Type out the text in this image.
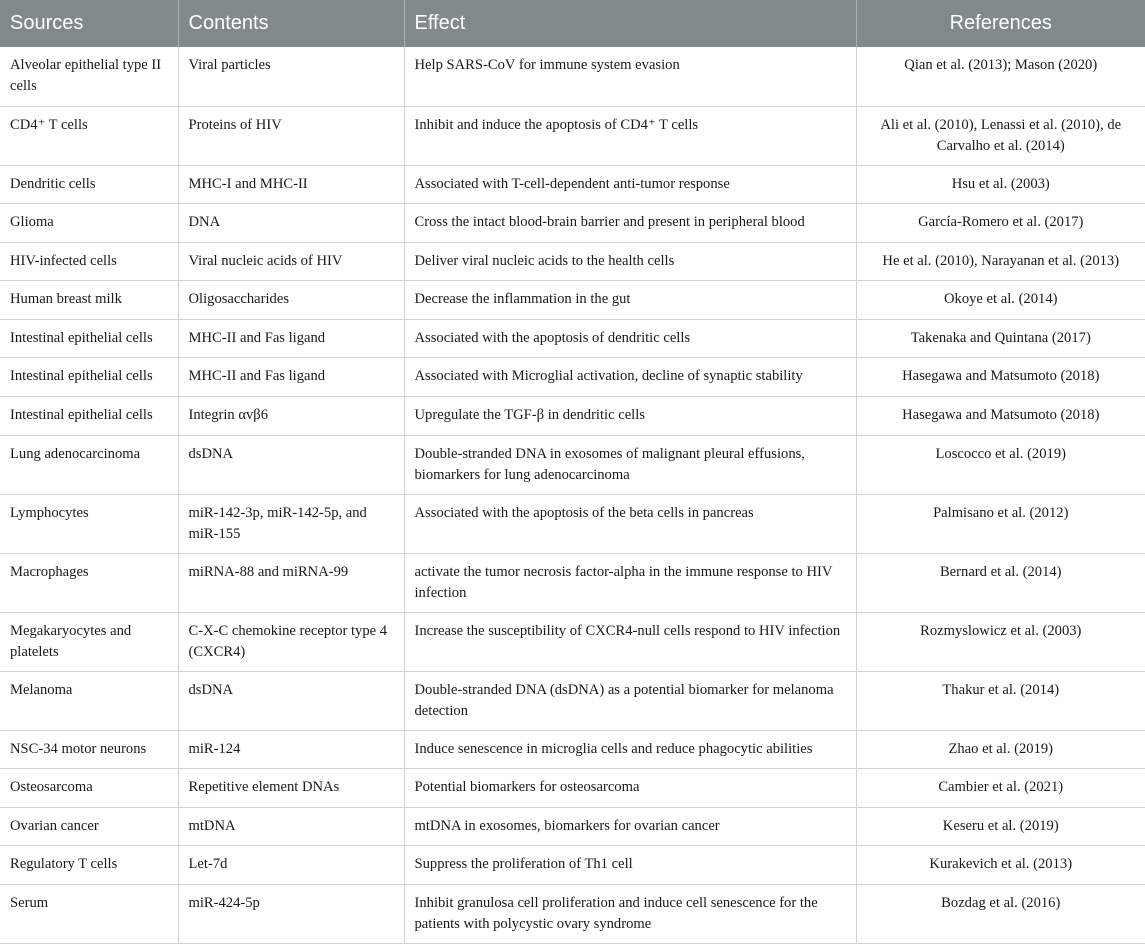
Sources	Contents	Effect	References
Alveolar epithelial type II cells	Viral particles	Help SARS-CoV for immune system evasion	Qian et al. (2013); Mason (2020)
CD4⁺ T cells	Proteins of HIV	Inhibit and induce the apoptosis of CD4⁺ T cells	Ali et al. (2010), Lenassi et al. (2010), de Carvalho et al. (2014)
Dendritic cells	MHC-I and MHC-II	Associated with T-cell-dependent anti-tumor response	Hsu et al. (2003)
Glioma	DNA	Cross the intact blood-brain barrier and present in peripheral blood	García-Romero et al. (2017)
HIV-infected cells	Viral nucleic acids of HIV	Deliver viral nucleic acids to the health cells	He et al. (2010), Narayanan et al. (2013)
Human breast milk	Oligosaccharides	Decrease the inflammation in the gut	Okoye et al. (2014)
Intestinal epithelial cells	MHC-II and Fas ligand	Associated with the apoptosis of dendritic cells	Takenaka and Quintana (2017)
Intestinal epithelial cells	MHC-II and Fas ligand	Associated with Microglial activation, decline of synaptic stability	Hasegawa and Matsumoto (2018)
Intestinal epithelial cells	Integrin αvβ6	Upregulate the TGF-β in dendritic cells	Hasegawa and Matsumoto (2018)
Lung adenocarcinoma	dsDNA	Double-stranded DNA in exosomes of malignant pleural effusions, biomarkers for lung adenocarcinoma	Loscocco et al. (2019)
Lymphocytes	miR-142-3p, miR-142-5p, and miR-155	Associated with the apoptosis of the beta cells in pancreas	Palmisano et al. (2012)
Macrophages	miRNA-88 and miRNA-99	activate the tumor necrosis factor-alpha in the immune response to HIV infection	Bernard et al. (2014)
Megakaryocytes and platelets	C-X-C chemokine receptor type 4 (CXCR4)	Increase the susceptibility of CXCR4-null cells respond to HIV infection	Rozmyslowicz et al. (2003)
Melanoma	dsDNA	Double-stranded DNA (dsDNA) as a potential biomarker for melanoma detection	Thakur et al. (2014)
NSC-34 motor neurons	miR-124	Induce senescence in microglia cells and reduce phagocytic abilities	Zhao et al. (2019)
Osteosarcoma	Repetitive element DNAs	Potential biomarkers for osteosarcoma	Cambier et al. (2021)
Ovarian cancer	mtDNA	mtDNA in exosomes, biomarkers for ovarian cancer	Keseru et al. (2019)
Regulatory T cells	Let-7d	Suppress the proliferation of Th1 cell	Kurakevich et al. (2013)
Serum	miR-424-5p	Inhibit granulosa cell proliferation and induce cell senescence for the patients with polycystic ovary syndrome	Bozdag et al. (2016)
